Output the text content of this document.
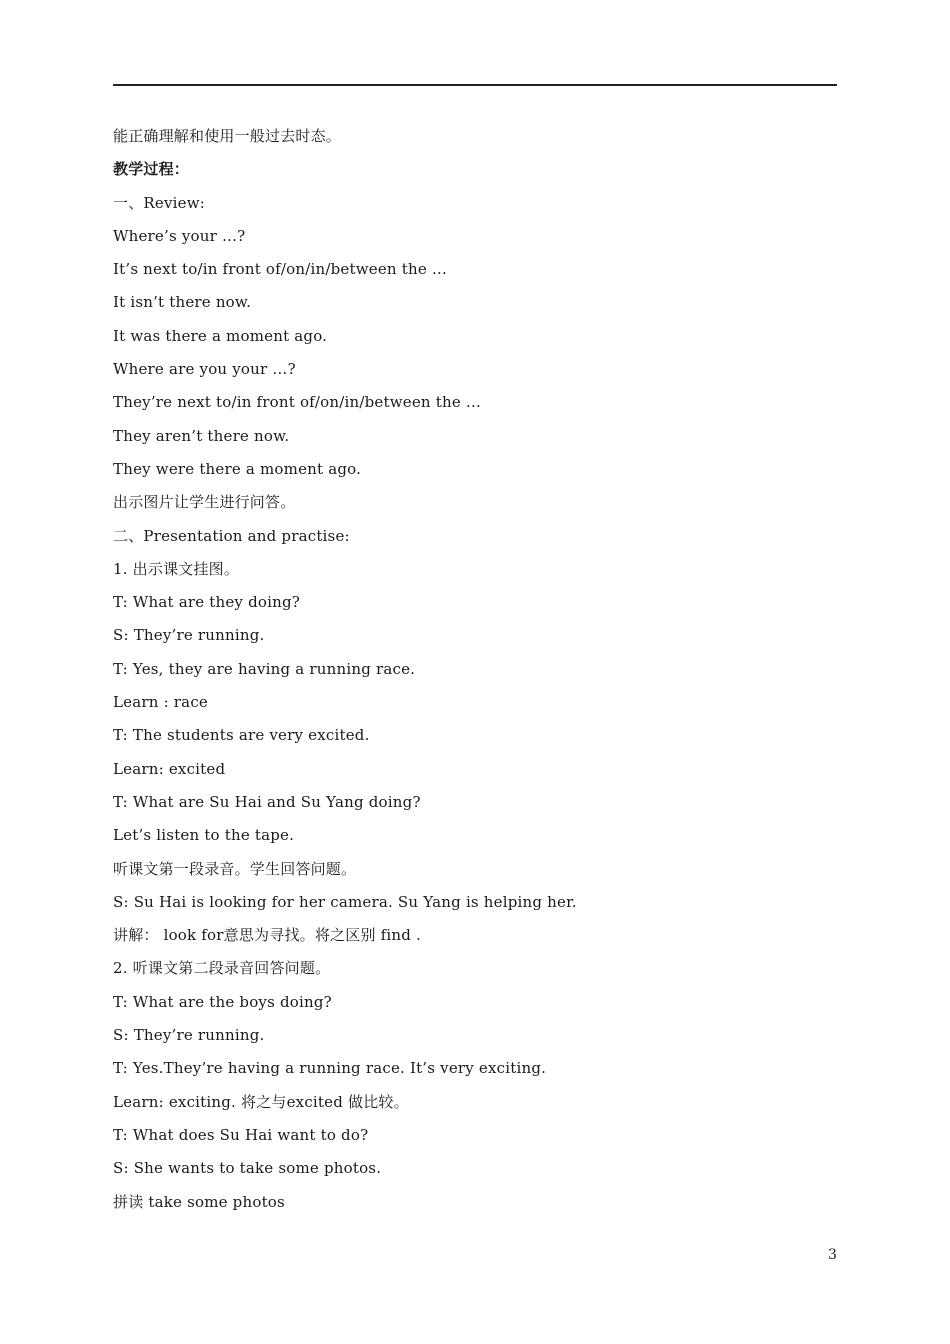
能正确理解和使用一般过去时态。
教学过程：
一、Review:
Where’s your …?
It’s next to/in front of/on/in/between the …
It isn’t there now.
It was there a moment ago.
Where are you your …?
They’re next to/in front of/on/in/between the …
They aren’t there now.
They were there a moment ago.
出示图片让学生进行问答。
二、Presentation and practise:
1. 出示课文挂图。
T: What are they doing?
S: They’re running.
T: Yes, they are having a running race.
Learn : race
T: The students are very excited.
Learn: excited
T: What are Su Hai and Su Yang doing?
Let’s listen to the tape.
听课文第一段录音。学生回答问题。
S: Su Hai is looking for her camera. Su Yang is helping her.
讲解： look for意思为寻找。将之区别 find .
2. 听课文第二段录音回答问题。
T: What are the boys doing?
S: They’re running.
T: Yes.They’re having a running race. It’s very exciting.
Learn: exciting. 将之与excited 做比较。
T: What does Su Hai want to do?
S: She wants to take some photos.
拼读 take some photos
3
